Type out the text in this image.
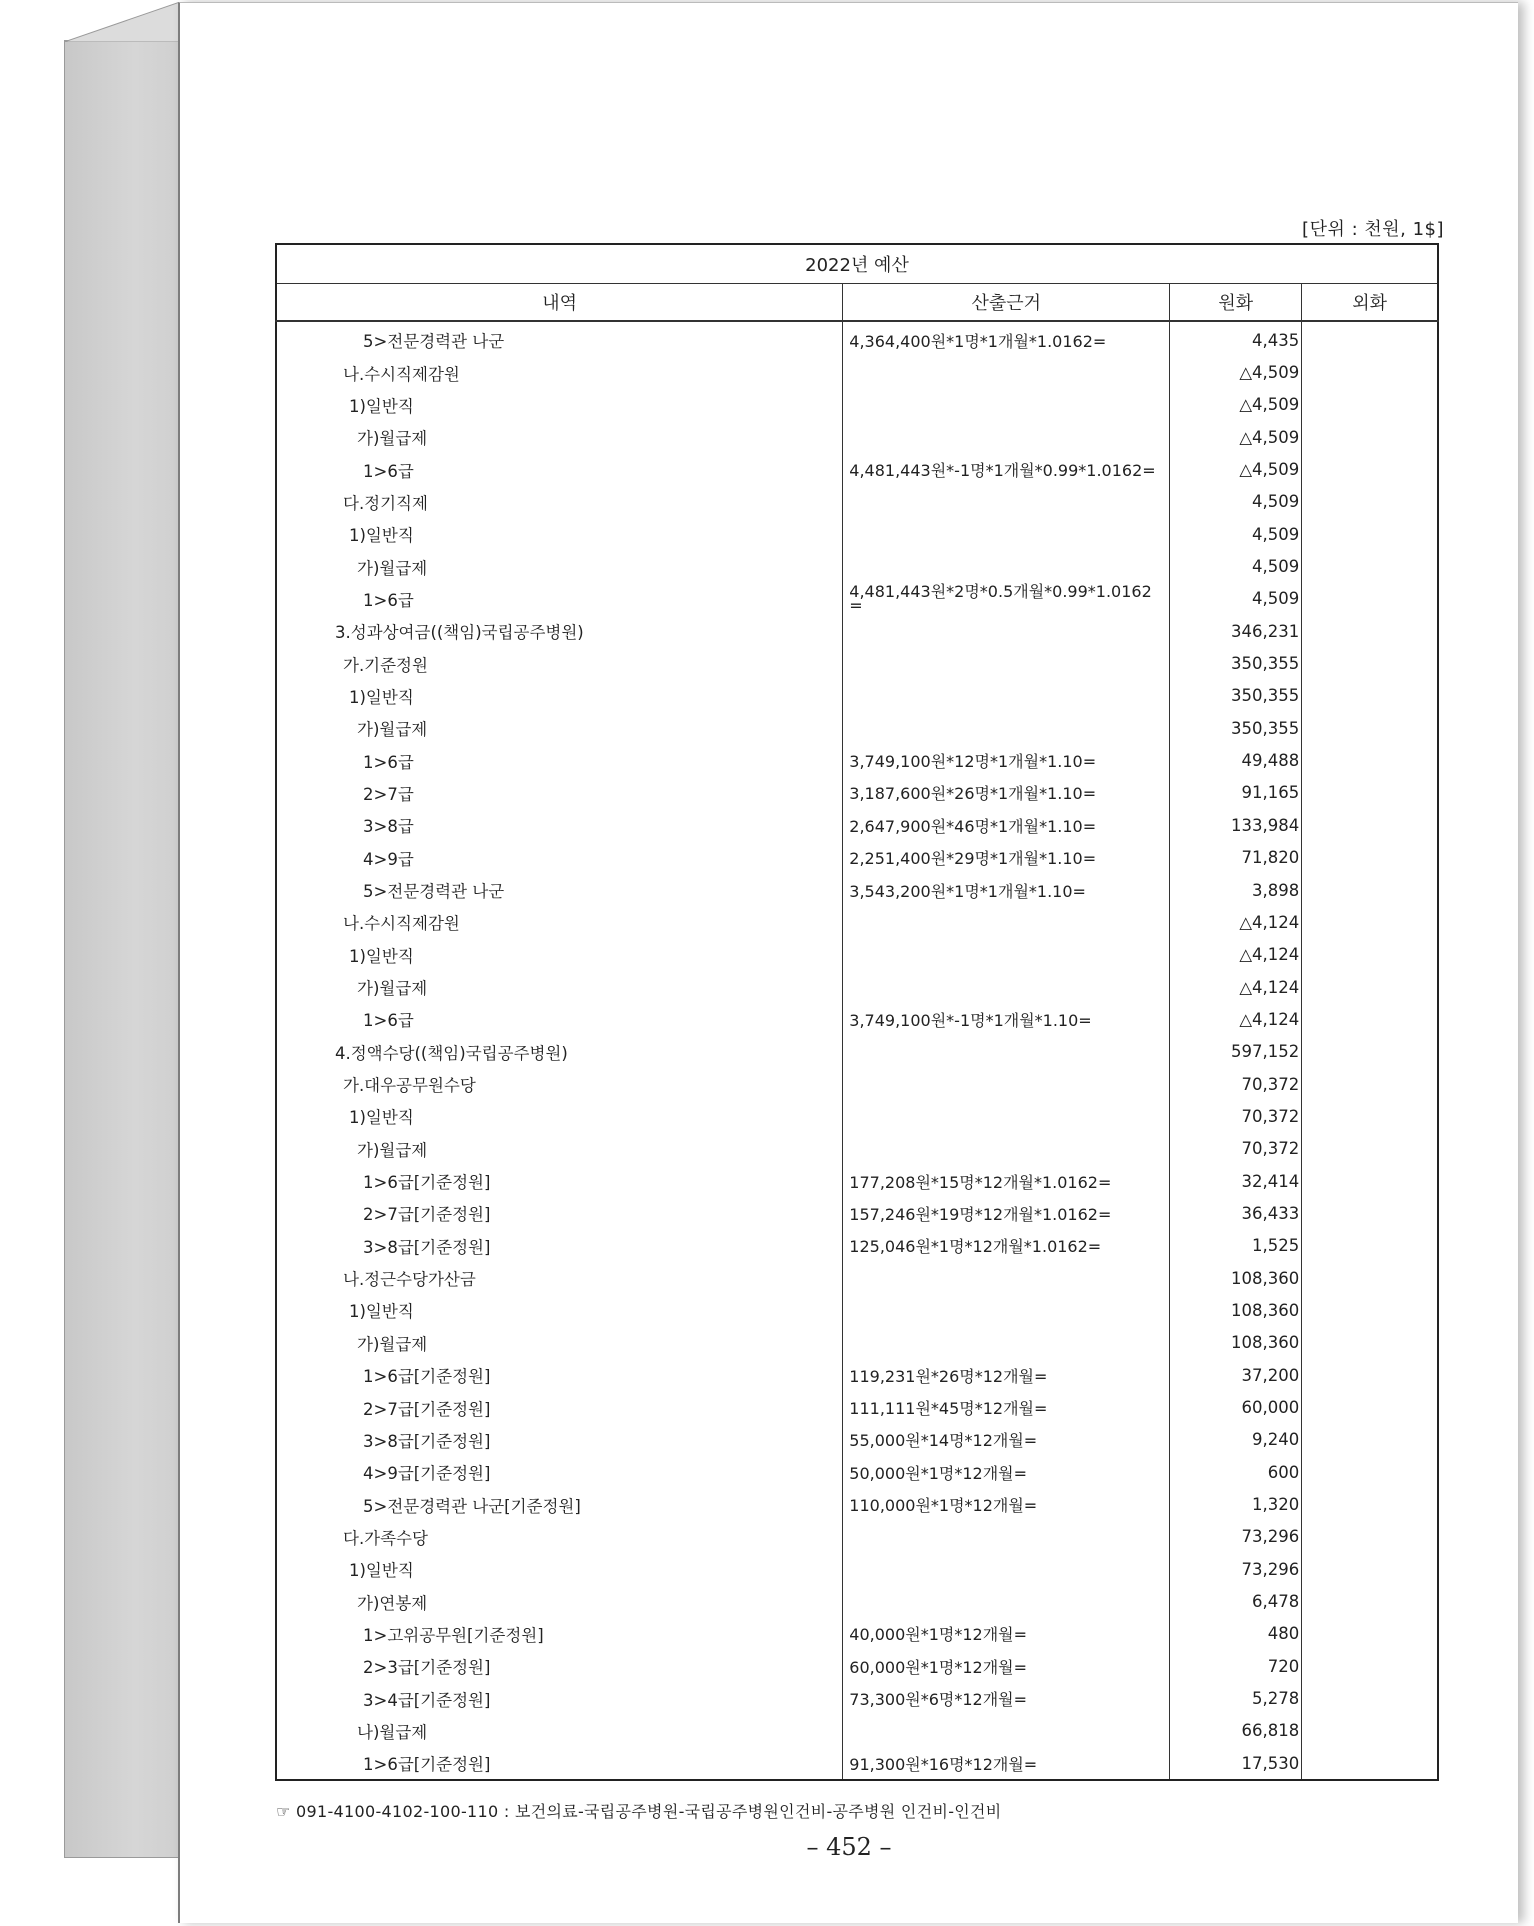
[단위 : 천원, 1$]
2022년 예산			
내역	산출근거	원화	외화
5>전문경력관 나군	4,364,400원*1명*1개월*1.0162=	4,435	
나.수시직제감원		△4,509	
1)일반직		△4,509	
가)월급제		△4,509	
1>6급	4,481,443원*-1명*1개월*0.99*1.0162=	△4,509	
다.정기직제		4,509	
1)일반직		4,509	
가)월급제		4,509	
1>6급	4,481,443원*2명*0.5개월*0.99*1.0162
=	4,509	
3.성과상여금((책임)국립공주병원)		346,231	
가.기준정원		350,355	
1)일반직		350,355	
가)월급제		350,355	
1>6급	3,749,100원*12명*1개월*1.10=	49,488	
2>7급	3,187,600원*26명*1개월*1.10=	91,165	
3>8급	2,647,900원*46명*1개월*1.10=	133,984	
4>9급	2,251,400원*29명*1개월*1.10=	71,820	
5>전문경력관 나군	3,543,200원*1명*1개월*1.10=	3,898	
나.수시직제감원		△4,124	
1)일반직		△4,124	
가)월급제		△4,124	
1>6급	3,749,100원*-1명*1개월*1.10=	△4,124	
4.정액수당((책임)국립공주병원)		597,152	
가.대우공무원수당		70,372	
1)일반직		70,372	
가)월급제		70,372	
1>6급[기준정원]	177,208원*15명*12개월*1.0162=	32,414	
2>7급[기준정원]	157,246원*19명*12개월*1.0162=	36,433	
3>8급[기준정원]	125,046원*1명*12개월*1.0162=	1,525	
나.정근수당가산금		108,360	
1)일반직		108,360	
가)월급제		108,360	
1>6급[기준정원]	119,231원*26명*12개월=	37,200	
2>7급[기준정원]	111,111원*45명*12개월=	60,000	
3>8급[기준정원]	55,000원*14명*12개월=	9,240	
4>9급[기준정원]	50,000원*1명*12개월=	600	
5>전문경력관 나군[기준정원]	110,000원*1명*12개월=	1,320	
다.가족수당		73,296	
1)일반직		73,296	
가)연봉제		6,478	
1>고위공무원[기준정원]	40,000원*1명*12개월=	480	
2>3급[기준정원]	60,000원*1명*12개월=	720	
3>4급[기준정원]	73,300원*6명*12개월=	5,278	
나)월급제		66,818	
1>6급[기준정원]	91,300원*16명*12개월=	17,530	
☞ 091-4100-4102-100-110 : 보건의료-국립공주병원-국립공주병원인건비-공주병원 인건비-인건비
– 452 –
